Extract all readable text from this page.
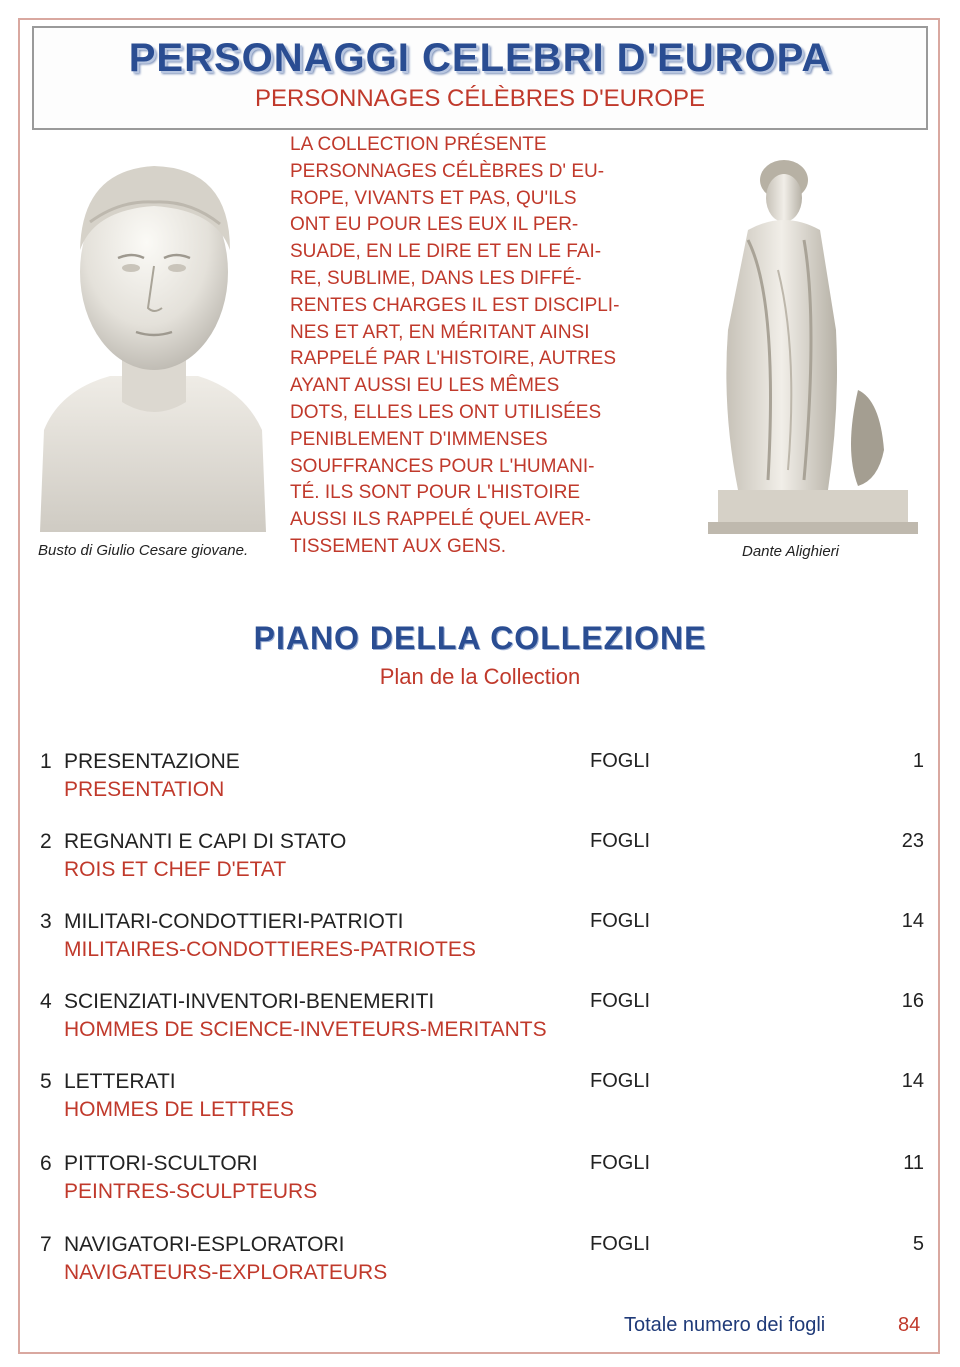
PERSONAGGI CELEBRI D'EUROPA
PERSONNAGES CÉLÈBRES D'EUROPE
Busto di Giulio Cesare giovane.
LA COLLECTION PRÉSENTE
PERSONNAGES CÉLÈBRES D' EU-
ROPE, VIVANTS ET PAS, QU'ILS
ONT EU POUR LES EUX IL PER-
SUADE, EN LE DIRE ET EN LE FAI-
RE, SUBLIME, DANS LES DIFFÉ-
RENTES CHARGES IL EST DISCIPLI-
NES ET ART, EN MÉRITANT AINSI
RAPPELÉ PAR L'HISTOIRE, AUTRES
AYANT AUSSI EU LES MÊMES
DOTS, ELLES LES ONT UTILISÉES
PENIBLEMENT D'IMMENSES
SOUFFRANCES POUR L'HUMANI-
TÉ. ILS SONT POUR L'HISTOIRE
AUSSI ILS RAPPELÉ QUEL AVER-
TISSEMENT AUX GENS.	Dante Alighieri
PIANO DELLA COLLEZIONE
Plan de la Collection
1 PRESENTAZIONE
PRESENTATION
FOGLI	1
2 REGNANTI E CAPI DI STATO
ROIS ET CHEF D'ETAT
FOGLI	23
3 MILITARI-CONDOTTIERI-PATRIOTI
MILITAIRES-CONDOTTIERES-PATRIOTES
FOGLI	14
4 SCIENZIATI-INVENTORI-BENEMERITI
HOMMES DE SCIENCE-INVETEURS-MERITANTS
FOGLI	16
5 LETTERATI
HOMMES DE LETTRES
FOGLI	14
6 PITTORI-SCULTORI
PEINTRES-SCULPTEURS
FOGLI	11
7 NAVIGATORI-ESPLORATORI
NAVIGATEURS-EXPLORATEURS
FOGLI	5
Totale numero dei fogli	84
